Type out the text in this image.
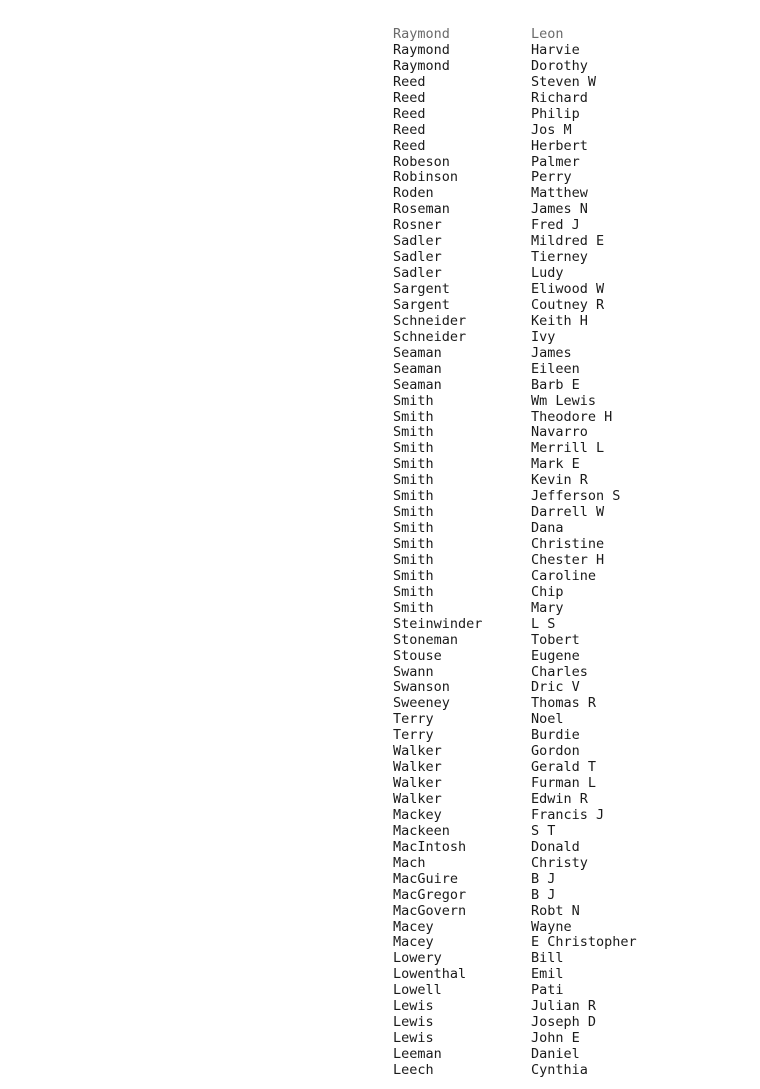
Raymond	Leon
Raymond	Harvie
Raymond	Dorothy
Reed	Steven W
Reed	Richard
Reed	Philip
Reed	Jos M
Reed	Herbert
Robeson	Palmer
Robinson	Perry
Roden	Matthew
Roseman	James N
Rosner	Fred J
Sadler	Mildred E
Sadler	Tierney
Sadler	Ludy
Sargent	Eliwood W
Sargent	Coutney R
Schneider	Keith H
Schneider	Ivy
Seaman	James
Seaman	Eileen
Seaman	Barb E
Smith	Wm Lewis
Smith	Theodore H
Smith	Navarro
Smith	Merrill L
Smith	Mark E
Smith	Kevin R
Smith	Jefferson S
Smith	Darrell W
Smith	Dana
Smith	Christine
Smith	Chester H
Smith	Caroline
Smith	Chip
Smith	Mary
Steinwinder	L S
Stoneman	Tobert
Stouse	Eugene
Swann	Charles
Swanson	Dric V
Sweeney	Thomas R
Terry	Noel
Terry	Burdie
Walker	Gordon
Walker	Gerald T
Walker	Furman L
Walker	Edwin R
Mackey	Francis J
Mackeen	S T
MacIntosh	Donald
Mach	Christy
MacGuire	B J
MacGregor	B J
MacGovern	Robt N
Macey	Wayne
Macey	E Christopher
Lowery	Bill
Lowenthal	Emil
Lowell	Pati
Lewis	Julian R
Lewis	Joseph D
Lewis	John E
Leeman	Daniel
Leech	Cynthia
